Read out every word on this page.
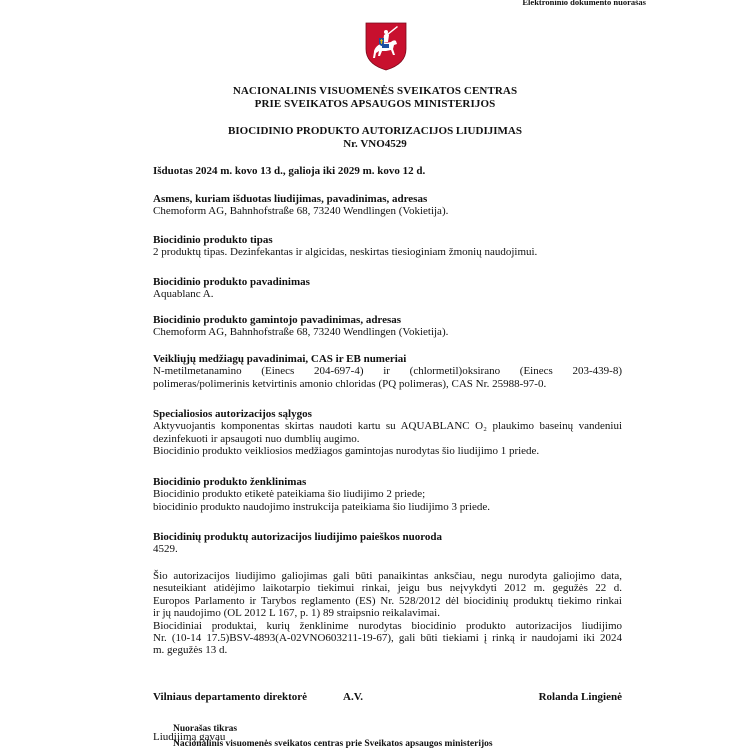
Elektroninio dokumento nuorašas
NACIONALINIS VISUOMENĖS SVEIKATOS CENTRAS
PRIE SVEIKATOS APSAUGOS MINISTERIJOS
BIOCIDINIO PRODUKTO AUTORIZACIJOS LIUDIJIMAS
Nr. VNO4529
Išduotas 2024 m. kovo 13 d., galioja iki 2029 m. kovo 12 d.
Asmens, kuriam išduotas liudijimas, pavadinimas, adresas

Chemoform AG, Bahnhofstraße 68, 73240 Wendlingen (Vokietija).

Biocidinio produkto tipas

2 produktų tipas. Dezinfekantas ir algicidas, neskirtas tiesioginiam žmonių naudojimui.

Biocidinio produkto pavadinimas

Aquablanc A.

Biocidinio produkto gamintojo pavadinimas, adresas

Chemoform AG, Bahnhofstraße 68, 73240 Wendlingen (Vokietija).

Veikliųjų medžiagų pavadinimai, CAS ir EB numeriai

N-metilmetanamino (Einecs 204-697-4) ir (chlormetil)oksirano (Einecs 203-439-8)

polimeras/polimerinis ketvirtinis amonio chloridas (PQ polimeras), CAS Nr. 25988-97-0.

Specialiosios autorizacijos sąlygos

Aktyvuojantis komponentas skirtas naudoti kartu su AQUABLANC O₂ plaukimo baseinų vandeniui

dezinfekuoti ir apsaugoti nuo dumblių augimo.

Biocidinio produkto veikliosios medžiagos gamintojas nurodytas šio liudijimo 1 priede.

Biocidinio produkto ženklinimas

Biocidinio produkto etiketė pateikiama šio liudijimo 2 priede;

biocidinio produkto naudojimo instrukcija pateikiama šio liudijimo 3 priede.

Biocidinių produktų autorizacijos liudijimo paieškos nuoroda

4529.

Šio autorizacijos liudijimo galiojimas gali būti panaikintas anksčiau, negu nurodyta galiojimo data,

nesuteikiant atidėjimo laikotarpio tiekimui rinkai, jeigu bus neįvykdyti 2012 m. gegužės 22 d.

Europos Parlamento ir Tarybos reglamento (ES) Nr. 528/2012 dėl biocidinių produktų tiekimo rinkai

ir jų naudojimo (OL 2012 L 167, p. 1) 89 straipsnio reikalavimai.

Biocidiniai produktai, kurių ženklinime nurodytas biocidinio produkto autorizacijos liudijimo

Nr. (10-14 17.5)BSV-4893(A-02VNO603211-19-67), gali būti tiekiami į rinką ir naudojami iki 2024

m. gegužės 13 d.

Vilniaus departamento direktorė	A.V.	Rolanda Lingienė
Nuorašas tikras
Liudijimą gavau
Nacionalinis visuomenės sveikatos centras prie Sveikatos apsaugos ministerijos
